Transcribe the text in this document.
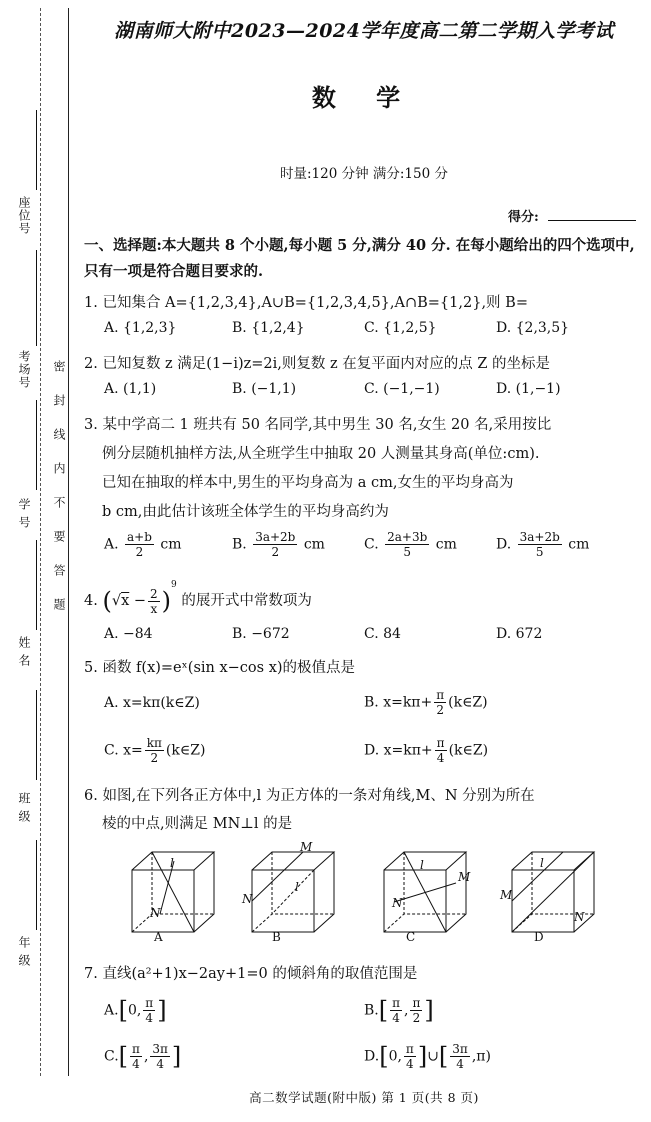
座位号
考场号
学 号
姓 名
班 级
年 级
密封线内不要答题
湖南师大附中2023—2024学年度高二第二学期入学考试
数 学
时量:120 分钟 满分:150 分
得分:
一、选择题:本大题共 8 个小题,每小题 5 分,满分 40 分. 在每小题给出的四个选项中,只有一项是符合题目要求的.
1. 已知集合 A={1,2,3,4},A∪B={1,2,3,4,5},A∩B={1,2},则 B=
A. {1,2,3}	B. {1,2,4}	C. {1,2,5}	D. {2,3,5}
2. 已知复数 z 满足(1−i)z=2i,则复数 z 在复平面内对应的点 Z 的坐标是
A. (1,1)	B. (−1,1)	C. (−1,−1)	D. (1,−1)
3. 某中学高二 1 班共有 50 名同学,其中男生 30 名,女生 20 名,采用按比
例分层随机抽样方法,从全班学生中抽取 20 人测量其身高(单位:cm).
已知在抽取的样本中,男生的平均身高为 a cm,女生的平均身高为
b cm,由此估计该班全体学生的平均身高约为
A. $\frac{a+b}{2}$ cm	B. $\frac{3a+2b}{2}$ cm	C. $\frac{2a+3b}{5}$ cm	D. $\frac{3a+2b}{5}$ cm
4. $(√x - \frac{2}{x} )^9$ 的展开式中常数项为
A. −84	B. −672	C. 84	D. 672
5. 函数 f(x)=eˣ(sin x−cos x)的极值点是
A. x=kπ(k∈Z)	B. $x=k\pi+ \frac{\pi}{2}$ (k∈Z)
C. $x= \frac{k\pi}{2}$ (k∈Z)	D. $x=k\pi+ \frac{\pi}{4}$ (k∈Z)
6. 如图,在下列各正方体中,l 为正方体的一条对角线,M、N 分别为所在
棱的中点,则满足 MN⊥l 的是
l
N
M
l
N
l
N
M
l
M
N
A	B	C	D
7. 直线(a²+1)x−2ay+1=0 的倾斜角的取值范围是
A.[0, $\frac{\pi}{4}$ ]	$B.[ \frac{\pi}{4}$ , $\frac{\pi}{2}$ ]
$C.[ \frac{\pi}{4}$ , $\frac{3\pi}{4}$ ]	D.[0, $\frac{\pi}{4}$ ]∪[ $\frac{3\pi}{4} ,\pi$)
高二数学试题(附中版) 第 1 页(共 8 页)
